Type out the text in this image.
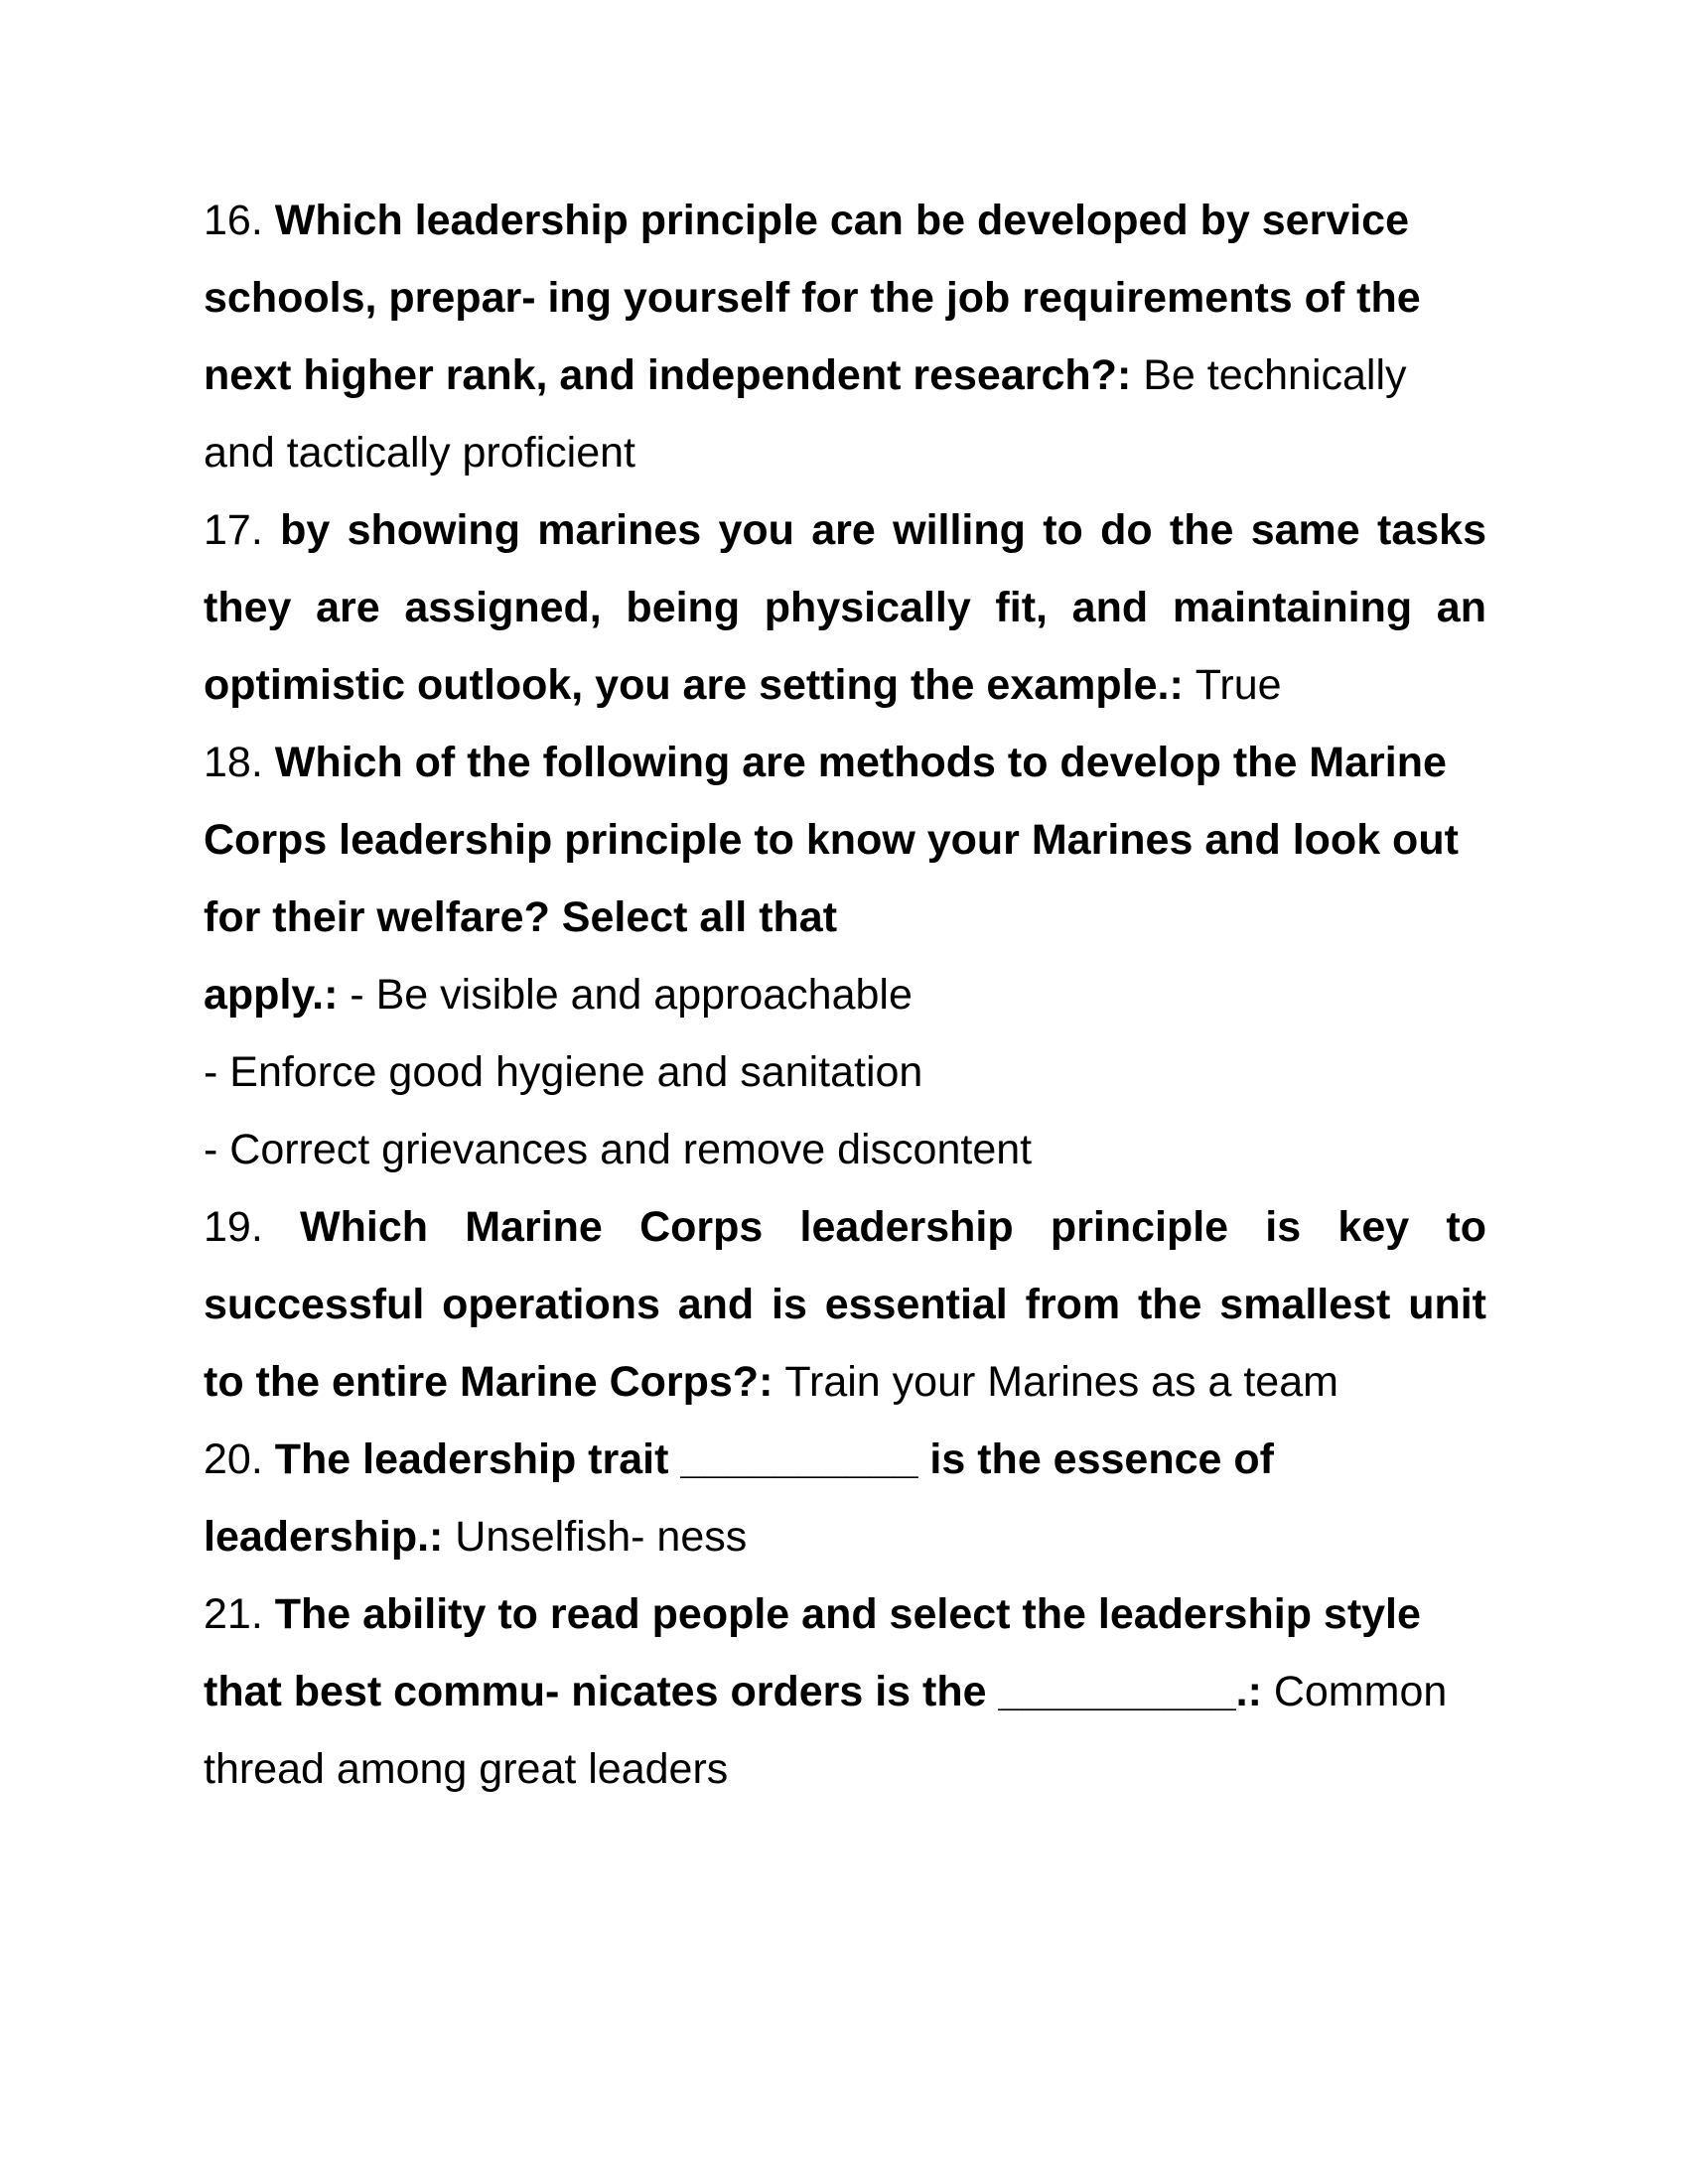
16. Which leadership principle can be developed by service
schools, prepar- ing yourself for the job requirements of the
next higher rank, and independent research?: Be technically
and tactically proficient
17. by showing marines you are willing to do the same tasks
they are assigned, being physically fit, and maintaining an
optimistic outlook, you are setting the example.: True
18. Which of the following are methods to develop the Marine
Corps leadership principle to know your Marines and look out
for their welfare? Select all that
apply.: - Be visible and approachable
- Enforce good hygiene and sanitation
- Correct grievances and remove discontent
19. Which Marine Corps leadership principle is key to
successful operations and is essential from the smallest unit
to the entire Marine Corps?: Train your Marines as a team
20. The leadership trait __________ is the essence of
leadership.: Unselfish- ness
21. The ability to read people and select the leadership style
that best commu- nicates orders is the __________.: Common
thread among great leaders
